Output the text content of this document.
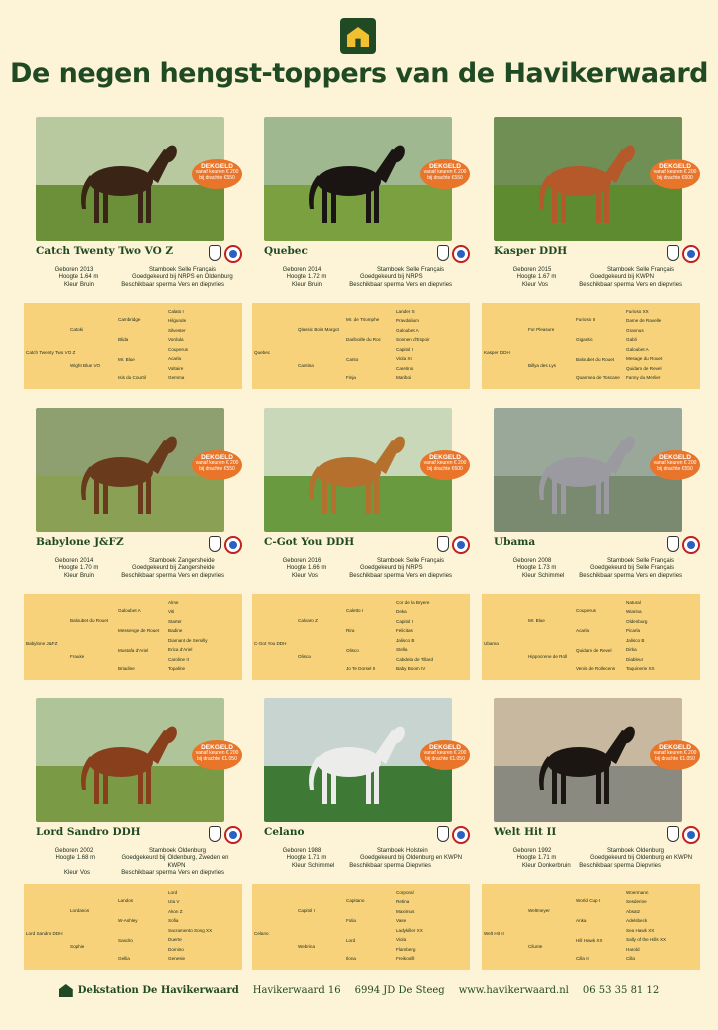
De negen hengst-toppers van de Havikerwaard
DEKGELD
vanaf keuren € 200
bij drachte €550
Catch Twenty Two VO Z
Geboren 2013	Stamboek Selle Français
Hoogte 1.64 m	Goedgekeurd bij NRPS en Oldenburg
Kleur Bruin	Beschikbaar sperma Vers en diepvries
Catch Twenty Two VO Z
Catoki
Wight Blue VO
Cambridge
Blida
Mr. Blue
Isis du Courtil
Calato I
Hilgunde
Silvester
Vordula
Couperus
Acarla
Voltaire
Gemma
DEKGELD
vanaf keuren € 200
bij drachte €550
Quebec
Geboren 2014	Stamboek Selle Français
Hoogte 1.72 m	Goedgekeurd bij NRPS
Kleur Bruin	Beschikbaar sperma Vers en diepvries
Quebec
Qlassic Bois Margot
Cantina
Mr. de Triomphe
Dariboille du Roc
Canto
Finja
Lander S
Pravdalium
Galoubet A
Sonnen d'Espoir
Capitol I
Viola XI
Caretino
Mariboi
DEKGELD
vanaf keuren € 200
bij drachte €600
Kasper DDH
Geboren 2015	Stamboek Selle Français
Hoogte 1.67 m	Goedgekeurd bij KWPN
Kleur Vos	Beschikbaar sperma Vers en diepvries
Kasper DDH
For Pleasure
Billya des Lys
Furioso II
Gigantic
Baloubet du Rouet
Quarmea de Toscane
Furioso XX
Dame de Ravelle
Grannus
Gabli
Galoubet A
Mesage du Rouet
Quidam de Revel
Fanny du Merlier
DEKGELD
vanaf keuren € 200
bij drachte €550
Babylone J&FZ
Geboren 2014	Stamboek Zangersheide
Hoogte 1.70 m	Goedgekeurd bij Zangersheide
Kleur Bruin	Beschikbaar sperma Vers en diepvries
Babylone J&FZ
Baloubet du Rouet
Frauke
Galoubet A
Messenge de Rouet
Mustafa d'Ariel
Briadine
Alme
Viti
Starter
Badine
Diamant de Semilly
Erica d'Ariel
Caroline II
Topaline
DEKGELD
vanaf keuren € 200
bij drachte €600
C-Got You DDH
Geboren 2016	Stamboek Selle Français
Hoogte 1.66 m	Goedgekeurd bij NRPS
Kleur Vos	Beschikbaar sperma Vers en diepvries
C-Got You DDH
Calvaro Z
Olisca
Caletto I
Rira
Olisco
Jo Te Dorsel II
Cor de la Bryere
Deka
Capitol I
Felicitas
Jalisco B
Stella
Cabdela de Tillard
Baby Boom IV
DEKGELD
vanaf keuren € 200
bij drachte €550
Ubama
Geboren 2008	Stamboek Selle Français
Hoogte 1.73 m	Goedgekeurd bij Selle Français
Kleur Schimmel	Beschikbaar sperma Vers en diepvries
Ubama
Mr. Blue
Hippocrene de Roll
Couperus
Acarla
Quidam de Revel
Venis de Rollecens
Natural
Wiarina
Oldenburg
Picarla
Jalisco B
Dirka
Diableur
Taquinerie XX
DEKGELD
vanaf keuren € 200
bij drachte €1.050
Lord Sandro DDH
Geboren 2002	Stamboek Oldenburg
Hoogte 1.68 m	Goedgekeurd bij Oldenburg, Zweden en KWPN
Kleur Vos	Beschikbaar sperma Vers en diepvries
Lord Sandro DDH
Lordanos
Sophie
Landos
W-Ashley
Sandro
Gellia
Lord
Uta V
Akon Z
Sofia
Sacramento Song XX
Duerte
Domino
Genesie
DEKGELD
vanaf keuren € 200
bij drachte €1.050
Celano
Geboren 1988	Stamboek Holstein
Hoogte 1.71 m	Goedgekeurd bij Oldenburg en KWPN
Kleur Schimmel	Beschikbaar sperma Diepvries
Celano
Capitol I
Webrina
Capitano
Folia
Lord
Ilona
Corporal
Retina
Maximus
Vase
Ladykiller XX
Viola
Flamberg
Freikoolll
DEKGELD
vanaf keuren € 200
bij drachte €1.050
Welt Hit II
Geboren 1992	Stamboek Oldenburg
Hoogte 1.71 m	Goedgekeurd bij Oldenburg en KWPN
Kleur Donkerbruin	Beschikbaar sperma Diepvries
Welt Hit II
Weltmeyer
Cilunte
World Cup I
Anka
Hill Hawk XX
Cilla II
Woermann
Sesderine
Absatz
Adelsbeck
Sea Hawk XX
Sally of the Hills XX
Harold
Cilla
Dekstation De Havikerwaard Havikerwaard 16 6994 JD De Steeg www.havikerwaard.nl 06 53 35 81 12
